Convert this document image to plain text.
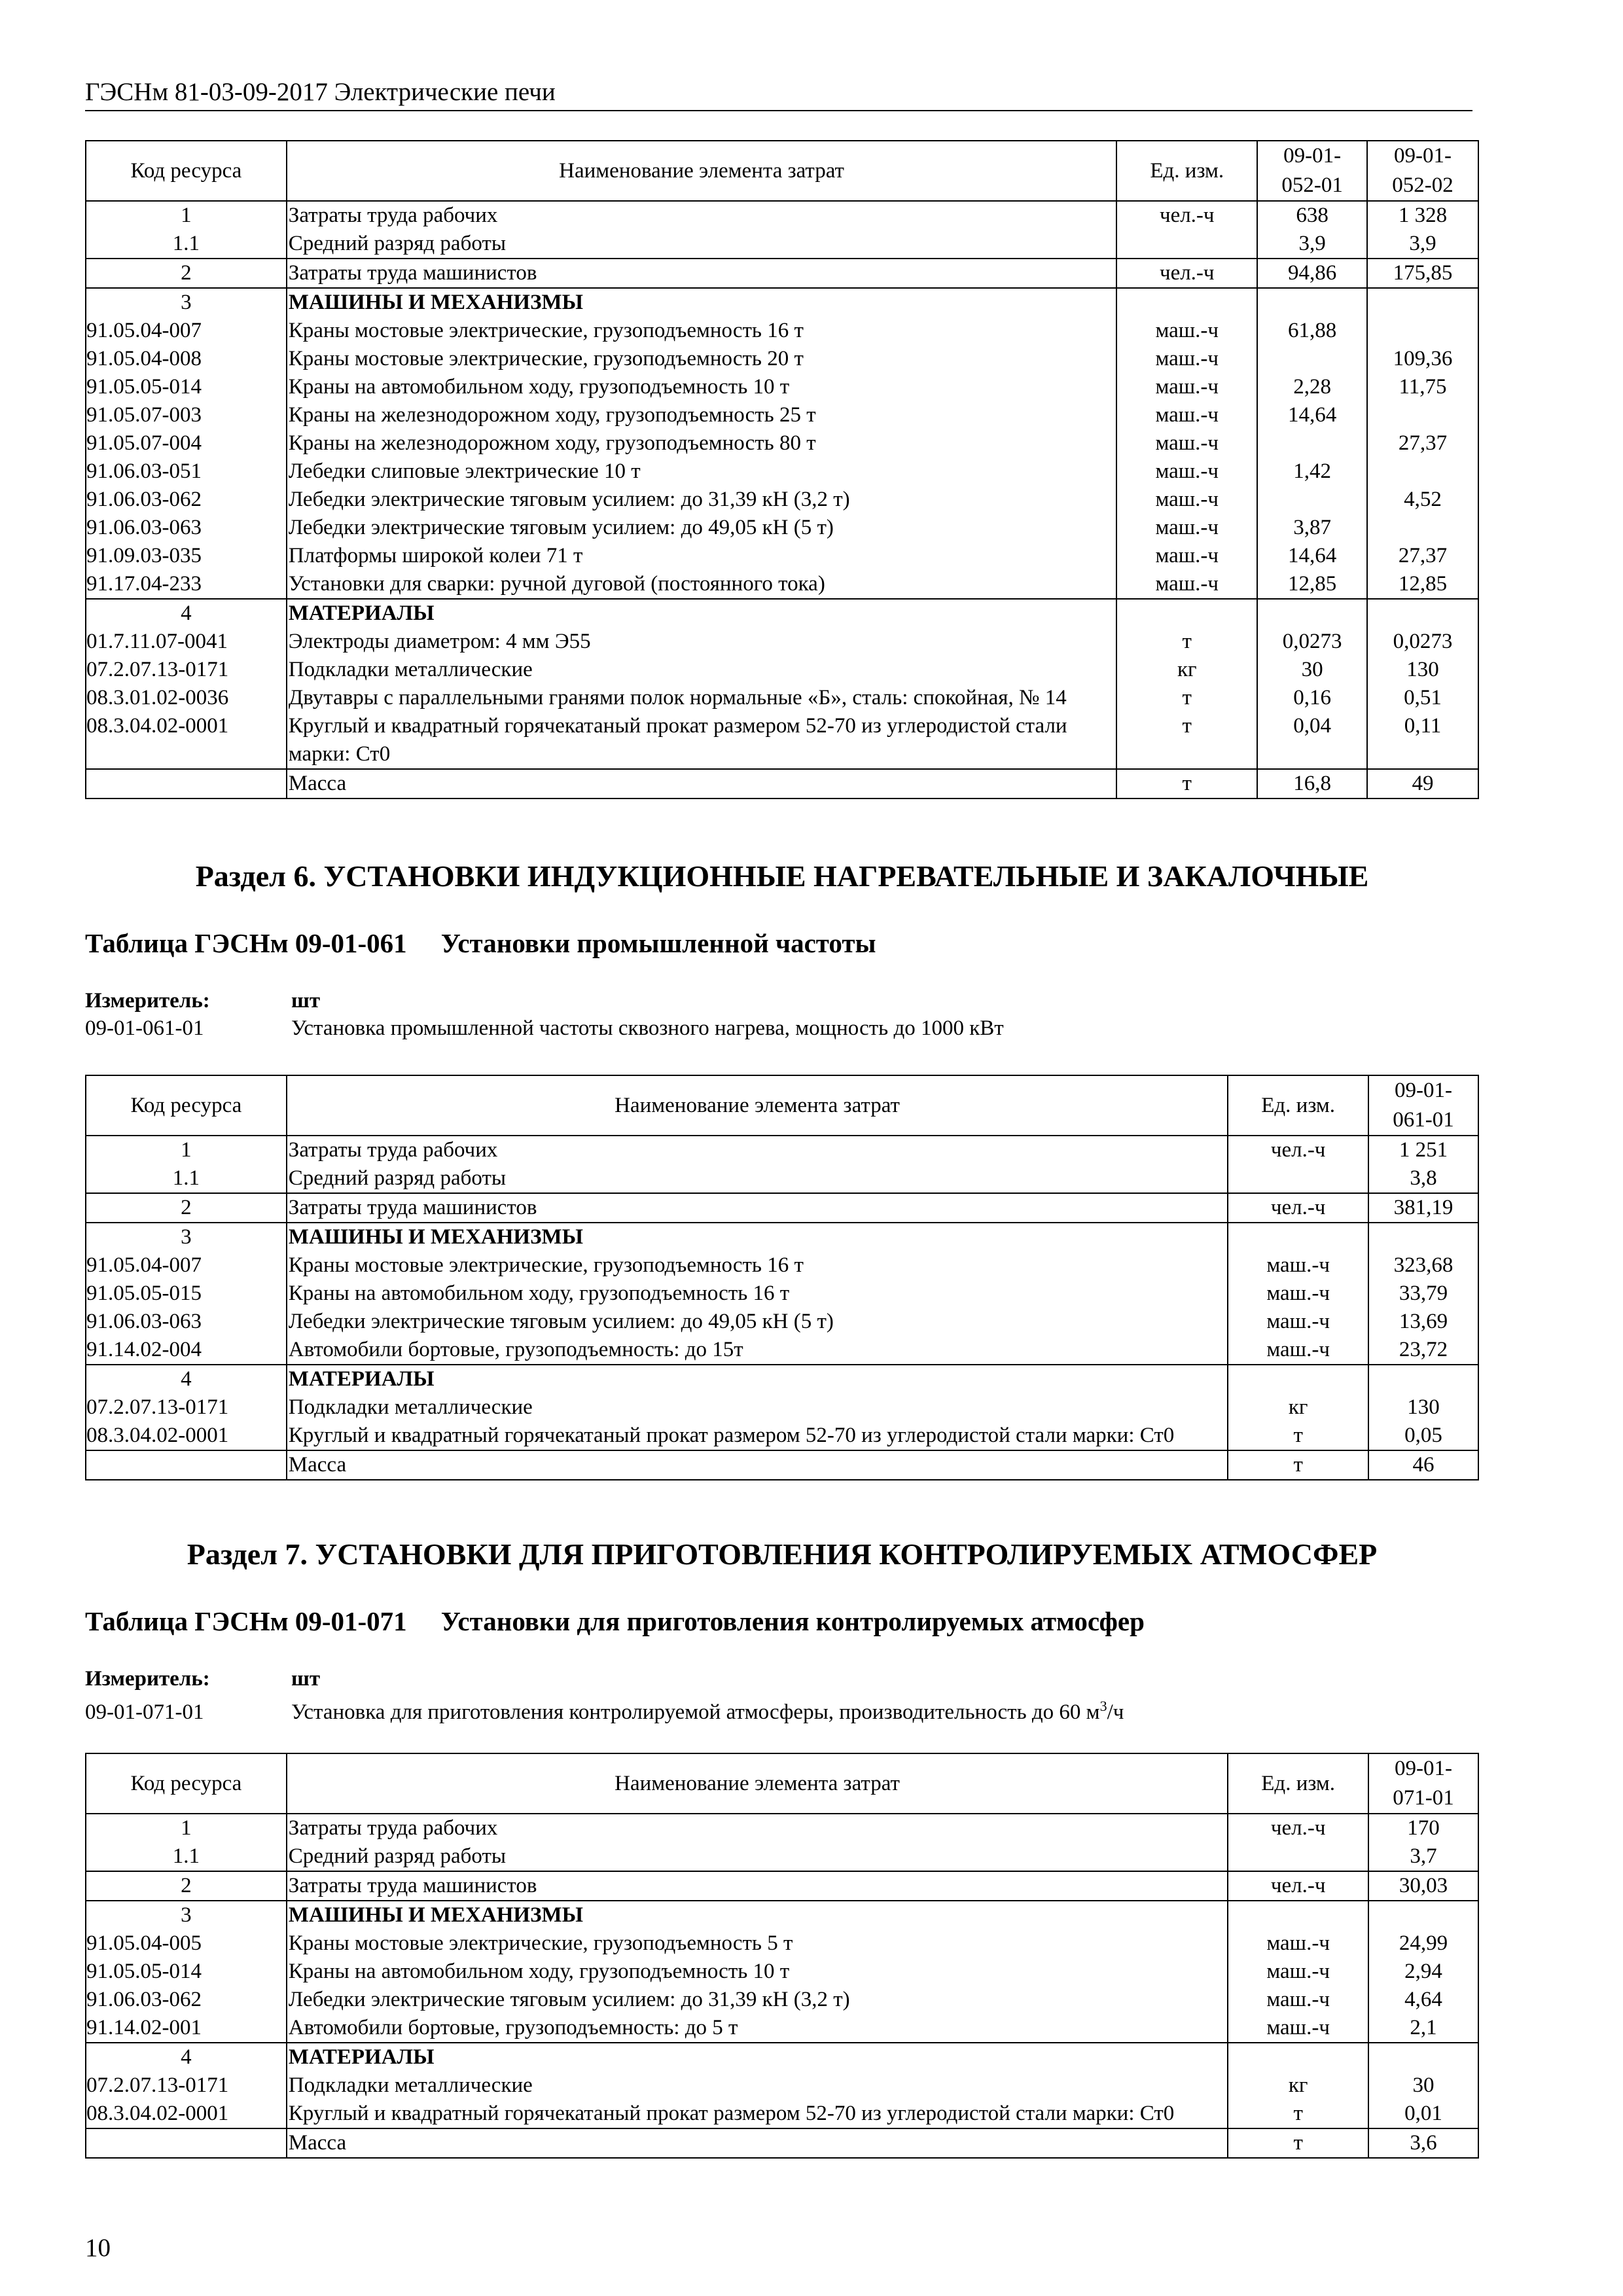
ГЭСНм 81-03-09-2017 Электрические печи
Код ресурса	Наименование элемента затрат	Ед. изм.	09-01-
052-01	09-01-
052-02
1	Затраты труда рабочих	чел.-ч	638	1 328
1.1	Средний разряд работы		3,9	3,9
2	Затраты труда машинистов	чел.-ч	94,86	175,85
3	МАШИНЫ И МЕХАНИЗМЫ			
91.05.04-007	Краны мостовые электрические, грузоподъемность 16 т	маш.-ч	61,88	
91.05.04-008	Краны мостовые электрические, грузоподъемность 20 т	маш.-ч		109,36
91.05.05-014	Краны на автомобильном ходу, грузоподъемность 10 т	маш.-ч	2,28	11,75
91.05.07-003	Краны на железнодорожном ходу, грузоподъемность 25 т	маш.-ч	14,64	
91.05.07-004	Краны на железнодорожном ходу, грузоподъемность 80 т	маш.-ч		27,37
91.06.03-051	Лебедки слиповые электрические 10 т	маш.-ч	1,42	
91.06.03-062	Лебедки электрические тяговым усилием: до 31,39 кН (3,2 т)	маш.-ч		4,52
91.06.03-063	Лебедки электрические тяговым усилием: до 49,05 кН (5 т)	маш.-ч	3,87	
91.09.03-035	Платформы широкой колеи 71 т	маш.-ч	14,64	27,37
91.17.04-233	Установки для сварки: ручной дуговой (постоянного тока)	маш.-ч	12,85	12,85
4	МАТЕРИАЛЫ			
01.7.11.07-0041	Электроды диаметром: 4 мм Э55	т	0,0273	0,0273
07.2.07.13-0171	Подкладки металлические	кг	30	130
08.3.01.02-0036	Двутавры с параллельными гранями полок нормальные «Б», сталь: спокойная, № 14	т	0,16	0,51
08.3.04.02-0001	Круглый и квадратный горячекатаный прокат размером 52-70 из углеродистой стали марки: Ст0	т	0,04	0,11
	Масса	т	16,8	49
Раздел 6. УСТАНОВКИ ИНДУКЦИОННЫЕ НАГРЕВАТЕЛЬНЫЕ И ЗАКАЛОЧНЫЕ
Таблица ГЭСНм 09-01-061 Установки промышленной частоты
Измеритель:	шт
09-01-061-01	Установка промышленной частоты сквозного нагрева, мощность до 1000 кВт
Код ресурса	Наименование элемента затрат	Ед. изм.	09-01-
061-01
1	Затраты труда рабочих	чел.-ч	1 251
1.1	Средний разряд работы		3,8
2	Затраты труда машинистов	чел.-ч	381,19
3	МАШИНЫ И МЕХАНИЗМЫ		
91.05.04-007	Краны мостовые электрические, грузоподъемность 16 т	маш.-ч	323,68
91.05.05-015	Краны на автомобильном ходу, грузоподъемность 16 т	маш.-ч	33,79
91.06.03-063	Лебедки электрические тяговым усилием: до 49,05 кН (5 т)	маш.-ч	13,69
91.14.02-004	Автомобили бортовые, грузоподъемность: до 15т	маш.-ч	23,72
4	МАТЕРИАЛЫ		
07.2.07.13-0171	Подкладки металлические	кг	130
08.3.04.02-0001	Круглый и квадратный горячекатаный прокат размером 52-70 из углеродистой стали марки: Ст0	т	0,05
	Масса	т	46
Раздел 7. УСТАНОВКИ ДЛЯ ПРИГОТОВЛЕНИЯ КОНТРОЛИРУЕМЫХ АТМОСФЕР
Таблица ГЭСНм 09-01-071 Установки для приготовления контролируемых атмосфер
Измеритель:	шт
09-01-071-01	Установка для приготовления контролируемой атмосферы, производительность до 60 $м^3/ч$
Код ресурса	Наименование элемента затрат	Ед. изм.	09-01-
071-01
1	Затраты труда рабочих	чел.-ч	170
1.1	Средний разряд работы		3,7
2	Затраты труда машинистов	чел.-ч	30,03
3	МАШИНЫ И МЕХАНИЗМЫ		
91.05.04-005	Краны мостовые электрические, грузоподъемность 5 т	маш.-ч	24,99
91.05.05-014	Краны на автомобильном ходу, грузоподъемность 10 т	маш.-ч	2,94
91.06.03-062	Лебедки электрические тяговым усилием: до 31,39 кН (3,2 т)	маш.-ч	4,64
91.14.02-001	Автомобили бортовые, грузоподъемность: до 5 т	маш.-ч	2,1
4	МАТЕРИАЛЫ		
07.2.07.13-0171	Подкладки металлические	кг	30
08.3.04.02-0001	Круглый и квадратный горячекатаный прокат размером 52-70 из углеродистой стали марки: Ст0	т	0,01
	Масса	т	3,6
10
